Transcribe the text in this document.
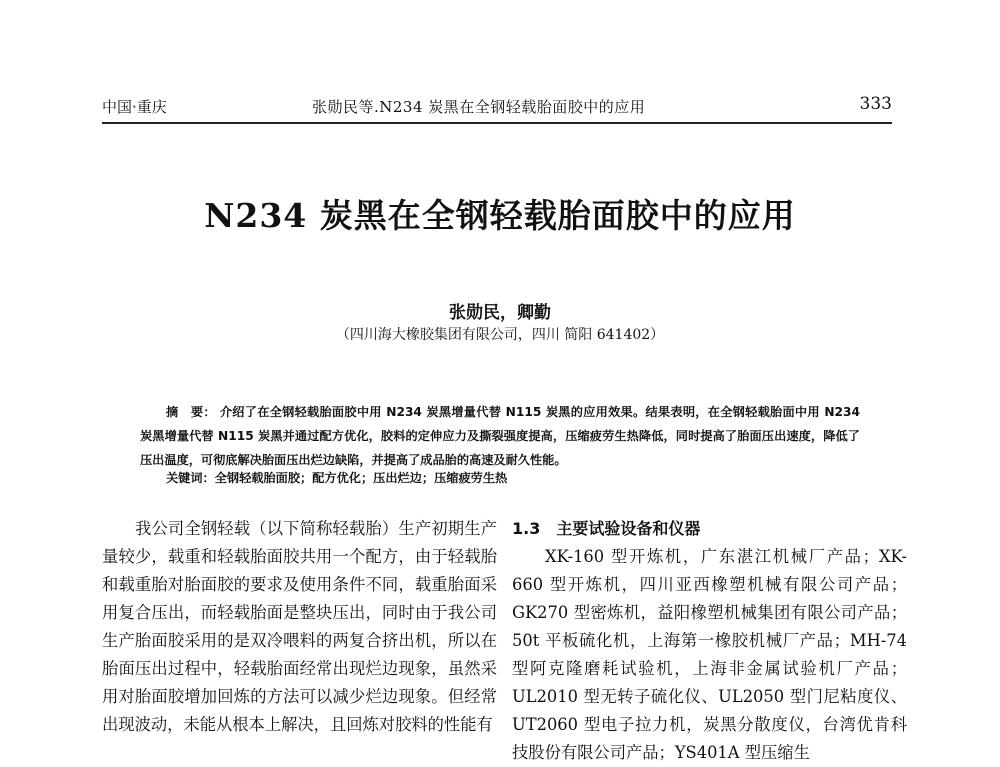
中国·重庆	张勋民等.N234 炭黑在全钢轻载胎面胶中的应用	333
N234 炭黑在全钢轻载胎面胶中的应用
张勋民，卿勤
（四川海大橡胶集团有限公司，四川 简阳 641402）
摘　要： 介绍了在全钢轻载胎面胶中用 N234 炭黑增量代替 N115 炭黑的应用效果。结果表明，在全钢轻载胎面中用 N234 炭黑增量代替 N115 炭黑并通过配方优化，胶料的定伸应力及撕裂强度提高，压缩疲劳生热降低，同时提高了胎面压出速度，降低了压出温度，可彻底解决胎面压出烂边缺陷，并提高了成品胎的高速及耐久性能。
关键词：全钢轻载胎面胶；配方优化；压出烂边；压缩疲劳生热

我公司全钢轻载（以下简称轻载胎）生产初期生产量较少，载重和轻载胎面胶共用一个配方，由于轻载胎和载重胎对胎面胶的要求及使用条件不同，载重胎面采用复合压出，而轻载胎面是整块压出，同时由于我公司生产胎面胶采用的是双冷喂料的两复合挤出机，所以在胎面压出过程中，轻载胎面经常出现烂边现象，虽然采用对胎面胶增加回炼的方法可以减少烂边现象。但经常出现波动，未能从根本上解决，且回炼对胶料的性能有

1.3　主要试验设备和仪器

XK-160 型开炼机，广东湛江机械厂产品；XK-660 型开炼机，四川亚西橡塑机械有限公司产品；GK270 型密炼机，益阳橡塑机械集团有限公司产品；50t 平板硫化机，上海第一橡胶机械厂产品；MH-74 型阿克隆磨耗试验机，上海非金属试验机厂产品；UL2010 型无转子硫化仪、UL2050 型门尼粘度仪、UT2060 型电子拉力机，炭黑分散度仪，台湾优肯科技股份有限公司产品；YS401A 型压缩生
